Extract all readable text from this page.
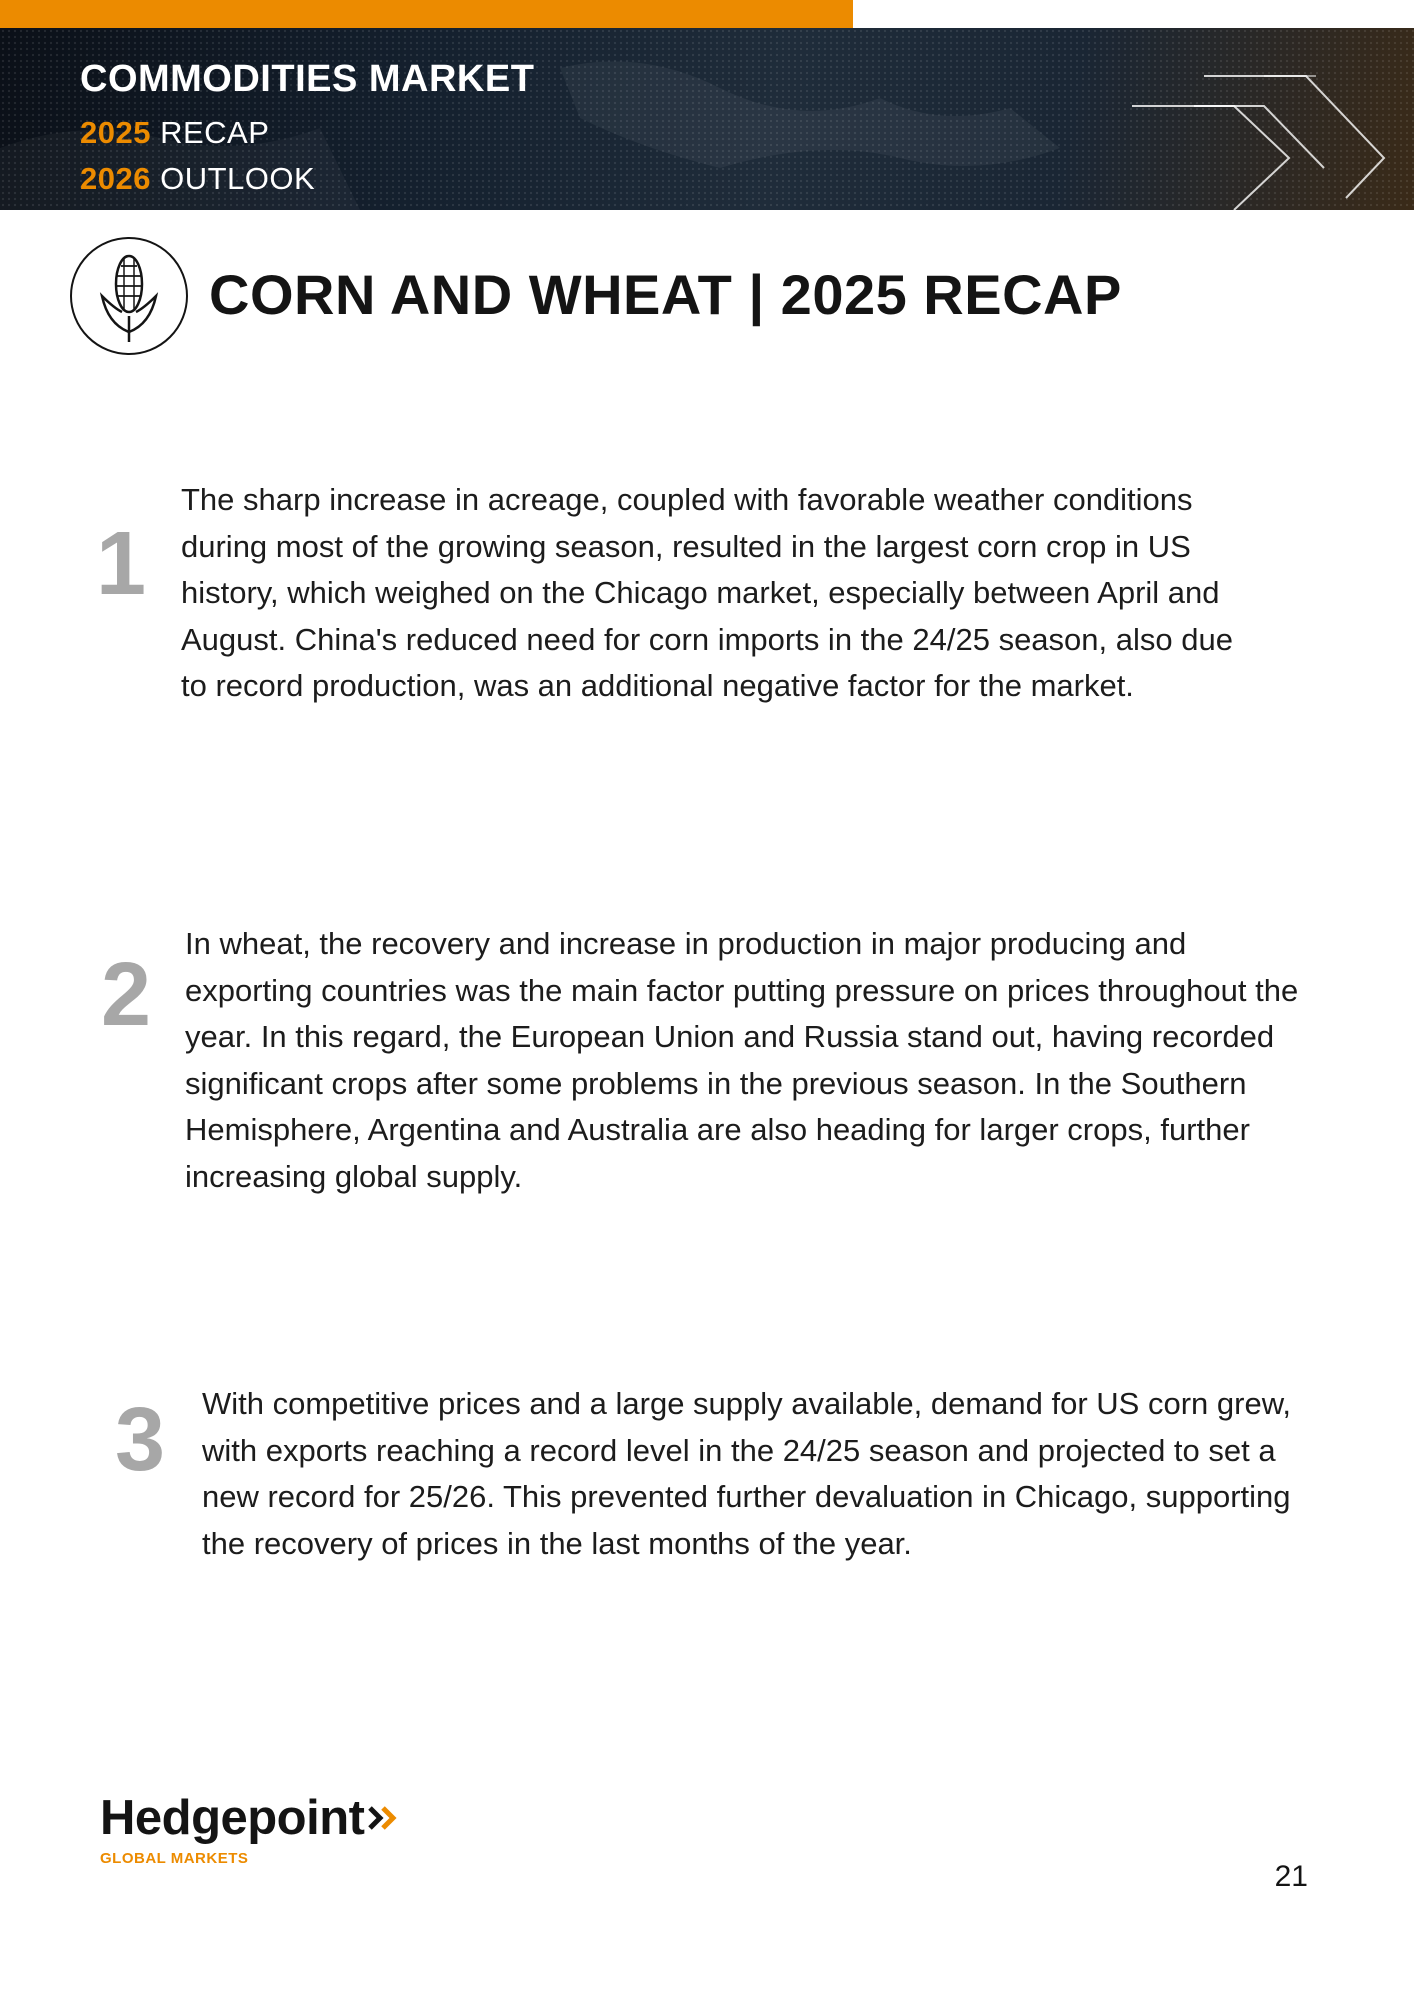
COMMODITIES MARKET

2025 RECAP

2026 OUTLOOK

CORN AND WHEAT | 2025 RECAP
1

The sharp increase in acreage, coupled with favorable weather conditions during most of the growing season, resulted in the largest corn crop in US history, which weighed on the Chicago market, especially between April and August. China's reduced need for corn imports in the 24/25 season, also due to record production, was an additional negative factor for the market.

2

In wheat, the recovery and increase in production in major producing and exporting countries was the main factor putting pressure on prices throughout the year. In this regard, the European Union and Russia stand out, having recorded significant crops after some problems in the previous season. In the Southern Hemisphere, Argentina and Australia are also heading for larger crops, further increasing global supply.

3 With competitive prices and a large supply available, demand for US corn grew, with exports reaching a record level in the 24/25 season and projected to set a new record for 25/26. This prevented further devaluation in Chicago, supporting the recovery of prices in the last months of the year.

Hedgepoint
GLOBAL MARKETS
21
